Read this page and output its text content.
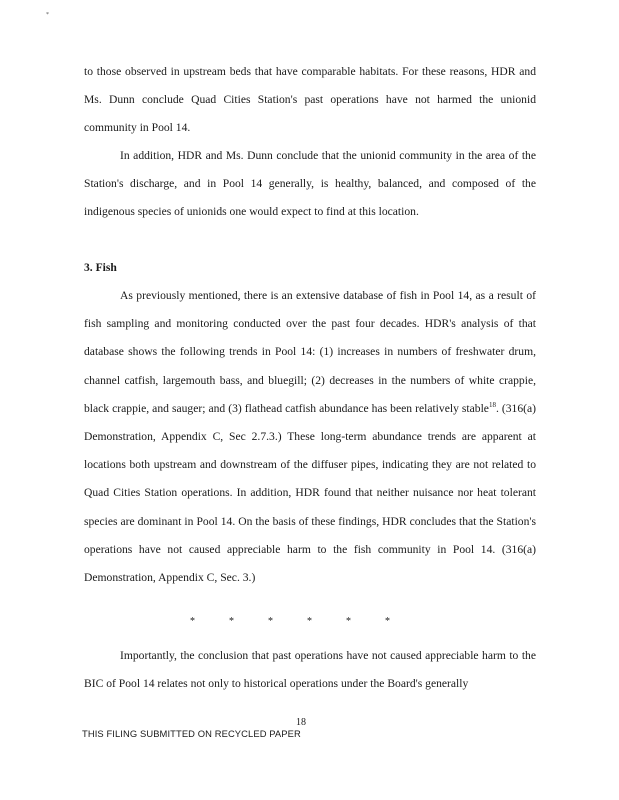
*

to those observed in upstream beds that have comparable habitats. For these reasons, HDR and Ms. Dunn conclude Quad Cities Station's past operations have not harmed the unionid community in Pool 14.

In addition, HDR and Ms. Dunn conclude that the unionid community in the area of the Station's discharge, and in Pool 14 generally, is healthy, balanced, and composed of the indigenous species of unionids one would expect to find at this location.

3. Fish

As previously mentioned, there is an extensive database of fish in Pool 14, as a result of fish sampling and monitoring conducted over the past four decades. HDR's analysis of that database shows the following trends in Pool 14: (1) increases in numbers of freshwater drum, channel catfish, largemouth bass, and bluegill; (2) decreases in the numbers of white crappie, black crappie, and sauger; and (3) flathead catfish abundance has been relatively stable$^{18}$. (316(a) Demonstration, Appendix C, Sec 2.7.3.) These long-term abundance trends are apparent at locations both upstream and downstream of the diffuser pipes, indicating they are not related to Quad Cities Station operations. In addition, HDR found that neither nuisance nor heat tolerant species are dominant in Pool 14. On the basis of these findings, HDR concludes that the Station's operations have not caused appreciable harm to the fish community in Pool 14. (316(a) Demonstration, Appendix C, Sec. 3.)

*	*	*	*	*	*

Importantly, the conclusion that past operations have not caused appreciable harm to the BIC of Pool 14 relates not only to historical operations under the Board's generally

18
THIS FILING SUBMITTED ON RECYCLED PAPER
